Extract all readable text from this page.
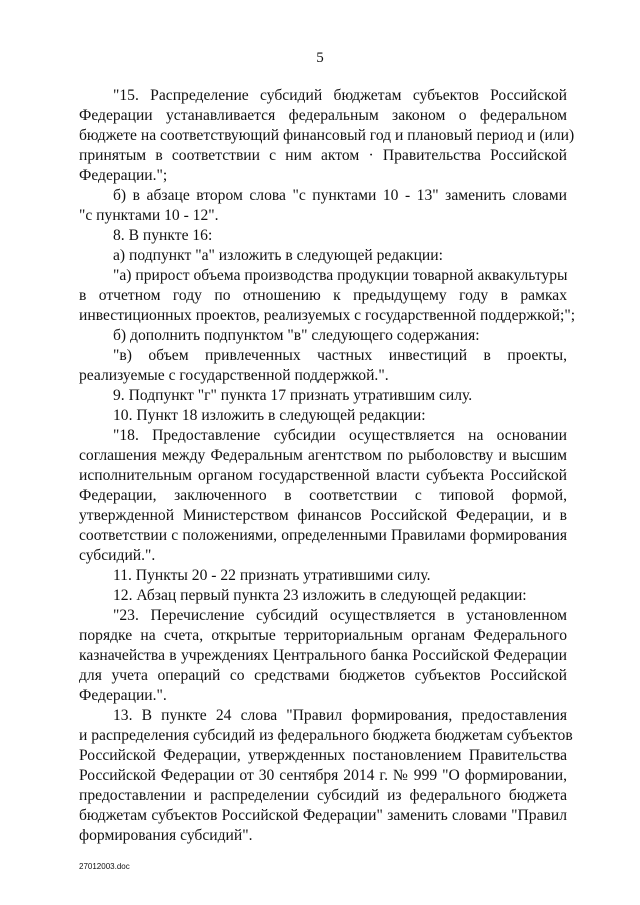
5
"15. Распределение субсидий бюджетам субъектов Российской
Федерации устанавливается федеральным законом о федеральном
бюджете на соответствующий финансовый год и плановый период и (или)
принятым в соответствии с ним актом · Правительства Российской
Федерации.";
б) в абзаце втором слова "с пунктами 10 - 13" заменить словами
"с пунктами 10 - 12".
8. В пункте 16:
а) подпункт "а" изложить в следующей редакции:
"а) прирост объема производства продукции товарной аквакультуры
в отчетном году по отношению к предыдущему году в рамках
инвестиционных проектов, реализуемых с государственной поддержкой;";
б) дополнить подпунктом "в" следующего содержания:
"в) объем привлеченных частных инвестиций в проекты,
реализуемые с государственной поддержкой.".
9. Подпункт "г" пункта 17 признать утратившим силу.
10. Пункт 18 изложить в следующей редакции:
"18. Предоставление субсидии осуществляется на основании
соглашения между Федеральным агентством по рыболовству и высшим
исполнительным органом государственной власти субъекта Российской
Федерации, заключенного в соответствии с типовой формой,
утвержденной Министерством финансов Российской Федерации, и в
соответствии с положениями, определенными Правилами формирования
субсидий.".
11. Пункты 20 - 22 признать утратившими силу.
12. Абзац первый пункта 23 изложить в следующей редакции:
"23. Перечисление субсидий осуществляется в установленном
порядке на счета, открытые территориальным органам Федерального
казначейства в учреждениях Центрального банка Российской Федерации
для учета операций со средствами бюджетов субъектов Российской
Федерации.".
13. В пункте 24 слова "Правил формирования, предоставления
и распределения субсидий из федерального бюджета бюджетам субъектов
Российской Федерации, утвержденных постановлением Правительства
Российской Федерации от 30 сентября 2014 г. № 999 "О формировании,
предоставлении и распределении субсидий из федерального бюджета
бюджетам субъектов Российской Федерации" заменить словами "Правил
формирования субсидий".
27012003.doc
